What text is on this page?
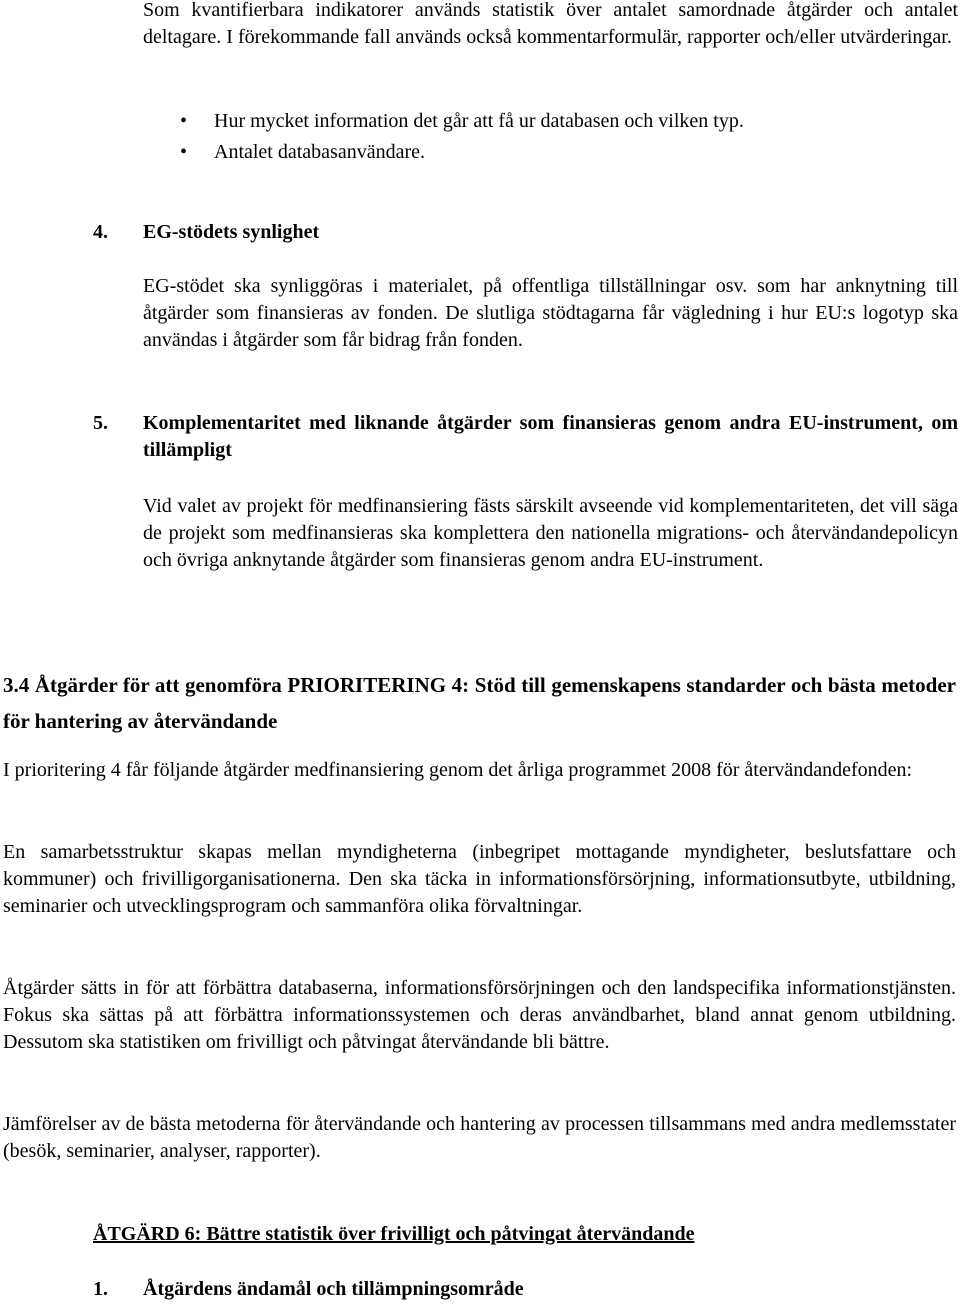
Som kvantifierbara indikatorer används statistik över antalet samordnade åtgärder och antalet deltagare. I förekommande fall används också kommentarformulär, rapporter och/eller utvärderingar.

• Hur mycket information det går att få ur databasen och vilken typ.

• Antalet databasanvändare.

4. EG-stödets synlighet

EG-stödet ska synliggöras i materialet, på offentliga tillställningar osv. som har anknytning till åtgärder som finansieras av fonden. De slutliga stödtagarna får vägledning i hur EU:s logotyp ska användas i åtgärder som får bidrag från fonden.

5. Komplementaritet med liknande åtgärder som finansieras genom andra EU-instrument, om tillämpligt

Vid valet av projekt för medfinansiering fästs särskilt avseende vid komplementariteten, det vill säga de projekt som medfinansieras ska komplettera den nationella migrations- och återvändandepolicyn och övriga anknytande åtgärder som finansieras genom andra EU-instrument.

3.4 Åtgärder för att genomföra PRIORITERING 4: Stöd till gemenskapens standarder och bästa metoder för hantering av återvändande

I prioritering 4 får följande åtgärder medfinansiering genom det årliga programmet 2008 för återvändandefonden:

En samarbetsstruktur skapas mellan myndigheterna (inbegripet mottagande myndigheter, beslutsfattare och kommuner) och frivilligorganisationerna. Den ska täcka in informationsförsörjning, informationsutbyte, utbildning, seminarier och utvecklingsprogram och sammanföra olika förvaltningar.

Åtgärder sätts in för att förbättra databaserna, informationsförsörjningen och den landspecifika informationstjänsten. Fokus ska sättas på att förbättra informationssystemen och deras användbarhet, bland annat genom utbildning. Dessutom ska statistiken om frivilligt och påtvingat återvändande bli bättre.

Jämförelser av de bästa metoderna för återvändande och hantering av processen tillsammans med andra medlemsstater (besök, seminarier, analyser, rapporter).

ÅTGÄRD 6: Bättre statistik över frivilligt och påtvingat återvändande
1. Åtgärdens ändamål och tillämpningsområde
